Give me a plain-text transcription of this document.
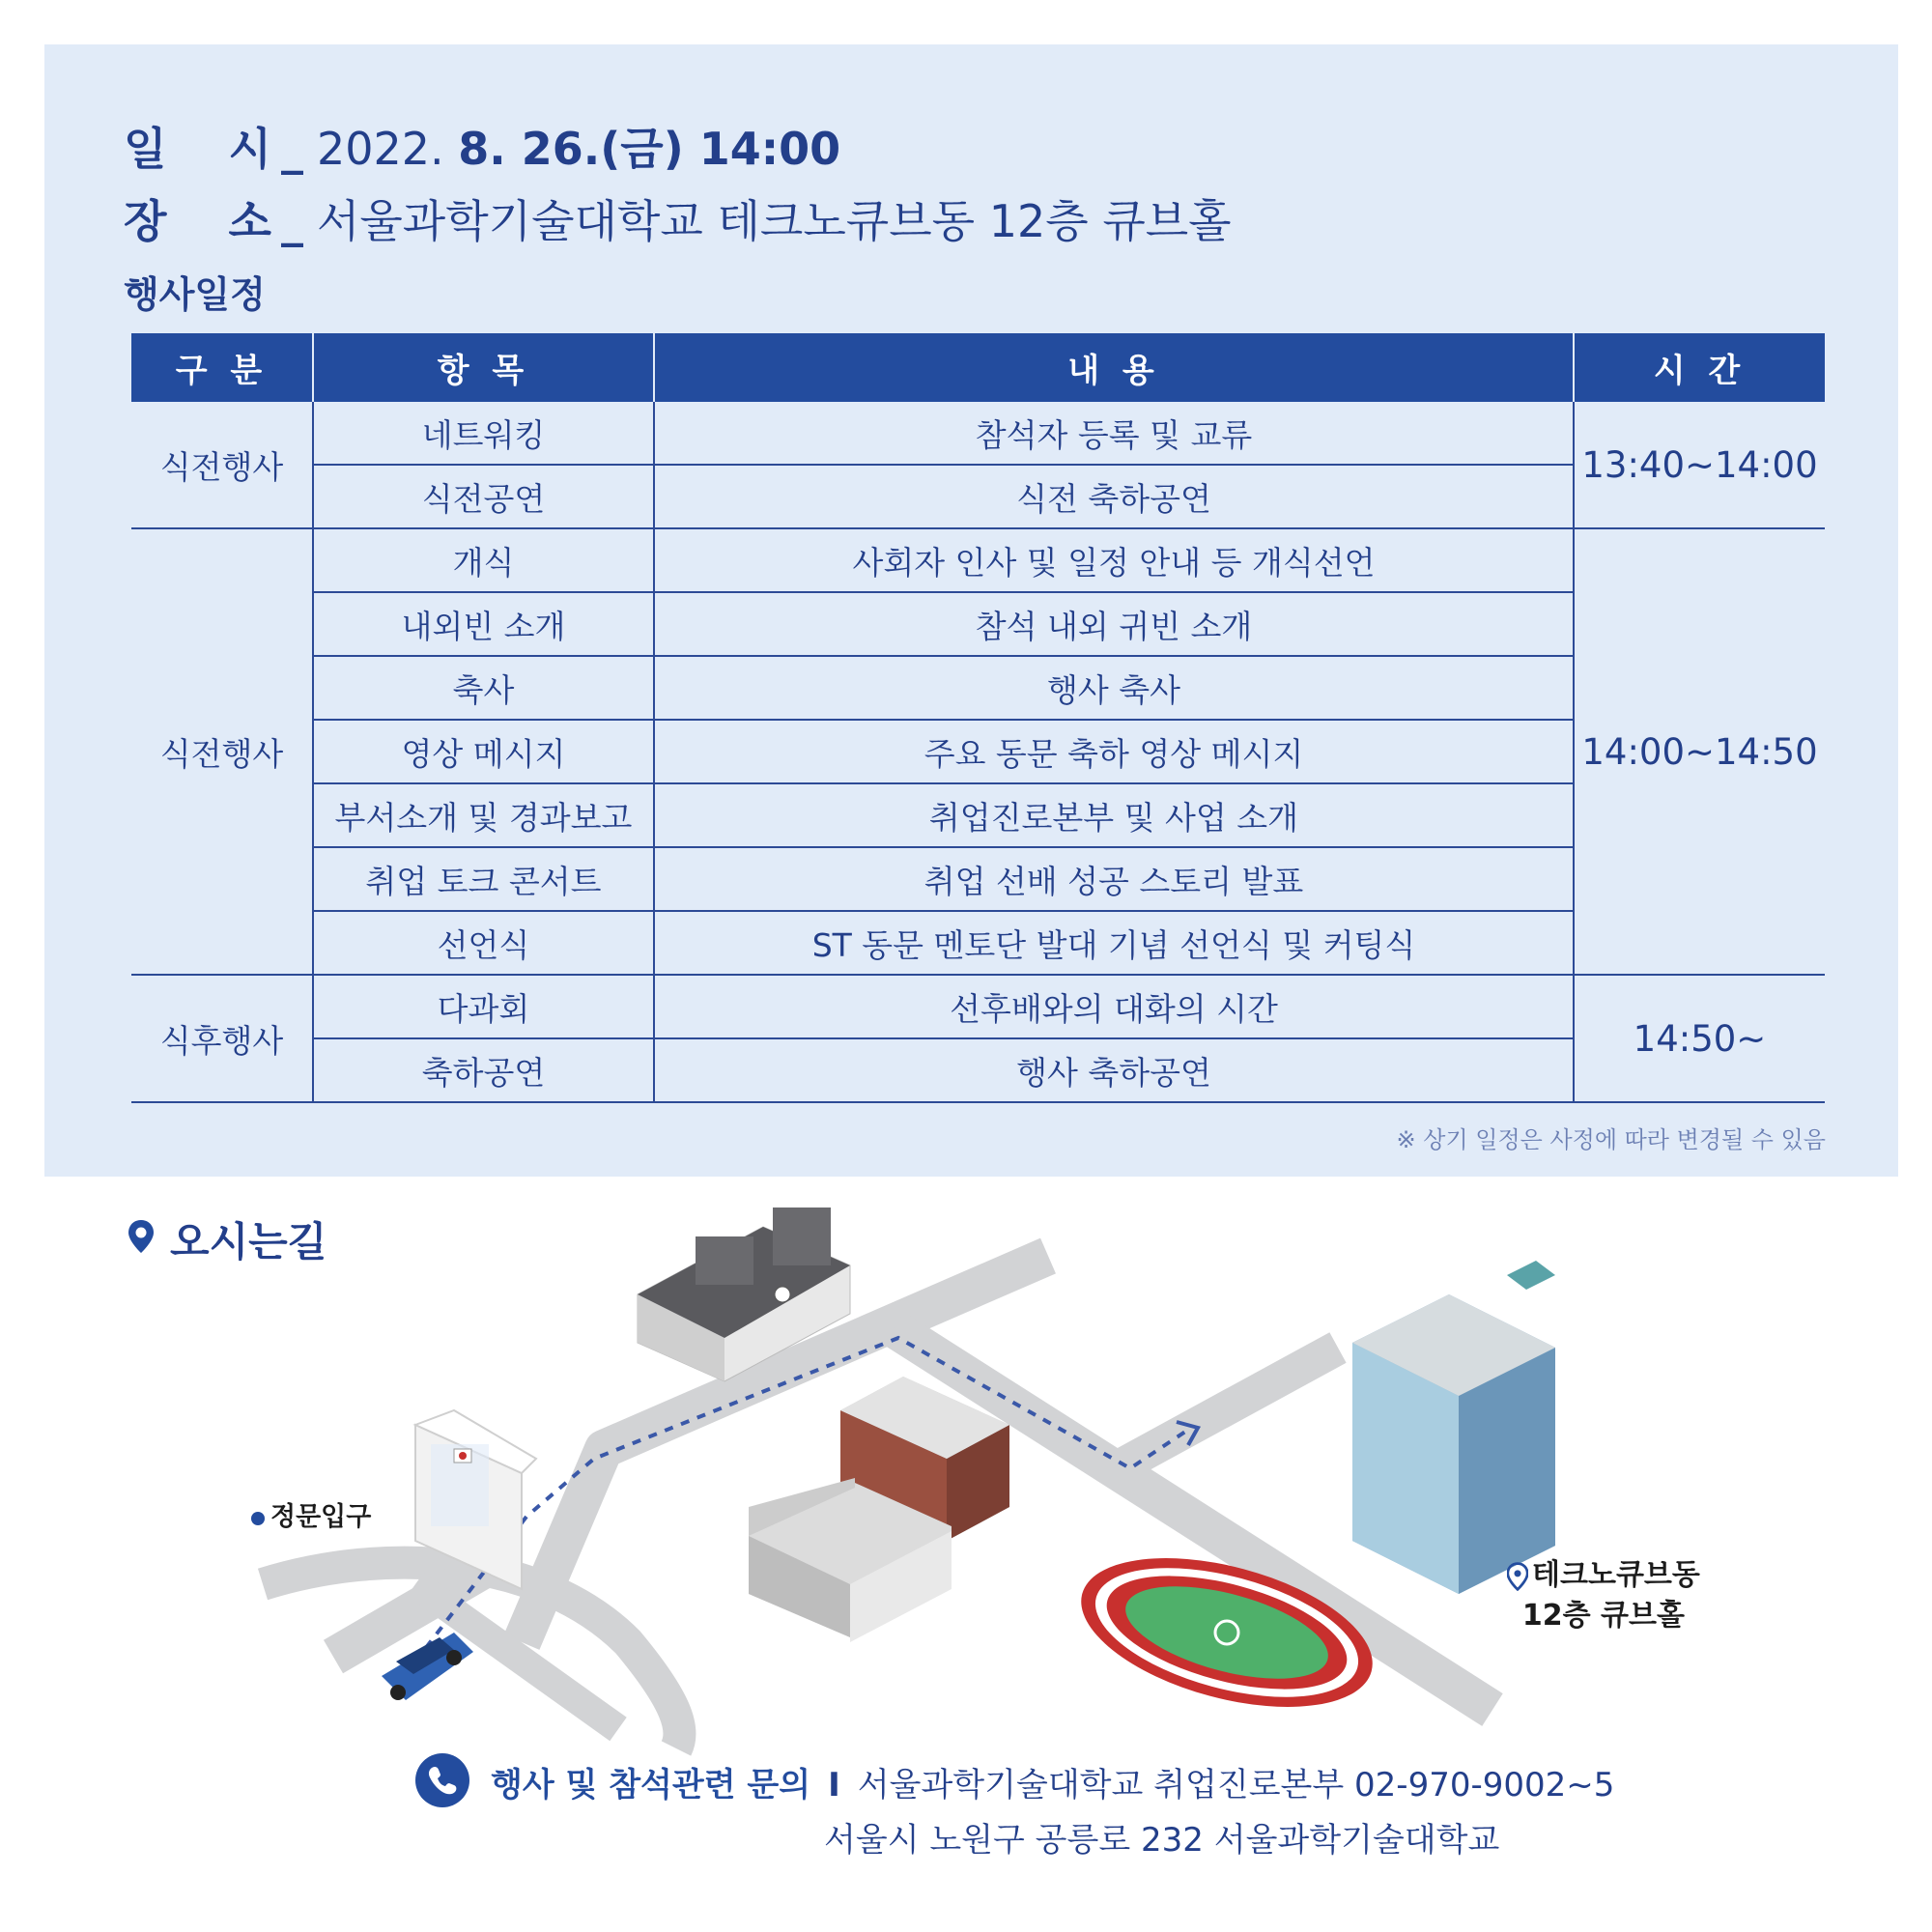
일    시 _ 2022. 8. 26.(금) 14:00
장    소 _ 서울과학기술대학교 테크노큐브동 12층 큐브홀
행사일정
구 분	항 목	내 용	시 간
식전행사	네트워킹	참석자 등록 및 교류	13:40~14:00
	식전공연	식전 축하공연	
식전행사	개식	사회자 인사 및 일정 안내 등 개식선언	14:00~14:50
	내외빈 소개	참석 내외 귀빈 소개	
	축사	행사 축사	
	영상 메시지	주요 동문 축하 영상 메시지	
	부서소개 및 경과보고	취업진로본부 및 사업 소개	
	취업 토크 콘서트	취업 선배 성공 스토리 발표	
	선언식	ST 동문 멘토단 발대 기념 선언식 및 커팅식	
식후행사	다과회	선후배와의 대화의 시간	14:50~
	축하공연	행사 축하공연	
※ 상기 일정은 사정에 따라 변경될 수 있음
오시는길
정문입구
테크노큐브동
12층 큐브홀
행사 및 참석관련 문의 I 서울과학기술대학교 취업진로본부 02-970-9002~5
서울시 노원구 공릉로 232 서울과학기술대학교
